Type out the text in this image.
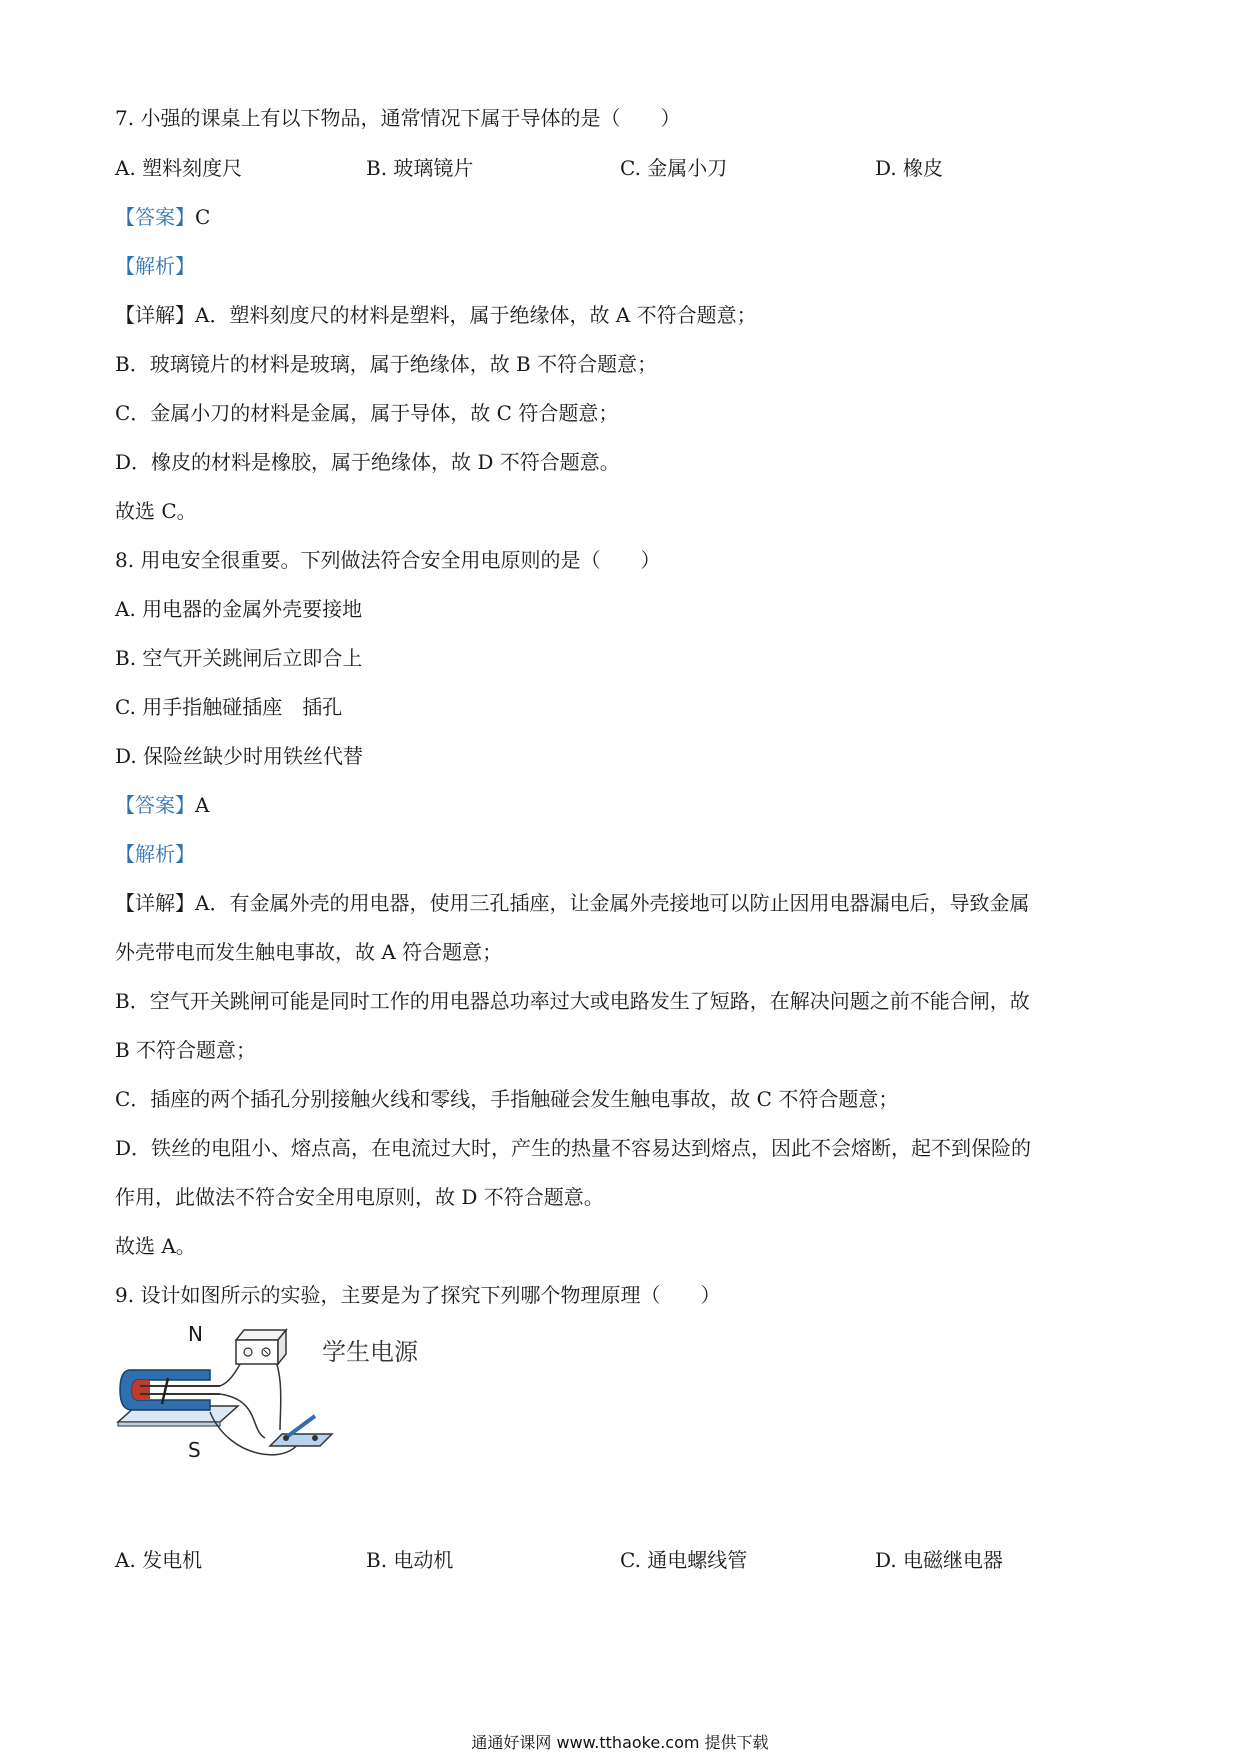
7. 小强的课桌上有以下物品，通常情况下属于导体的是（　　）
A. 塑料刻度尺	B. 玻璃镜片	C. 金属小刀	D. 橡皮
【答案】C
【解析】
【详解】A．塑料刻度尺的材料是塑料，属于绝缘体，故 A 不符合题意；
B．玻璃镜片的材料是玻璃，属于绝缘体，故 B 不符合题意；
C．金属小刀的材料是金属，属于导体，故 C 符合题意；
D．橡皮的材料是橡胶，属于绝缘体，故 D 不符合题意。
故选 C。
8. 用电安全很重要。下列做法符合安全用电原则的是（　　）
A. 用电器的金属外壳要接地
B. 空气开关跳闸后立即合上
C. 用手指触碰插座　插孔
D. 保险丝缺少时用铁丝代替
【答案】A
【解析】
【详解】A．有金属外壳的用电器，使用三孔插座，让金属外壳接地可以防止因用电器漏电后，导致金属
外壳带电而发生触电事故，故 A 符合题意；
B．空气开关跳闸可能是同时工作的用电器总功率过大或电路发生了短路，在解决问题之前不能合闸，故
B 不符合题意；
C．插座的两个插孔分别接触火线和零线，手指触碰会发生触电事故，故 C 不符合题意；
D．铁丝的电阻小、熔点高，在电流过大时，产生的热量不容易达到熔点，因此不会熔断，起不到保险的
作用，此做法不符合安全用电原则，故 D 不符合题意。
故选 A。
9. 设计如图所示的实验，主要是为了探究下列哪个物理原理（　　）
N
S
学生电源
A. 发电机	B. 电动机	C. 通电螺线管	D. 电磁继电器
通通好课网 www.tthaoke.com 提供下载
